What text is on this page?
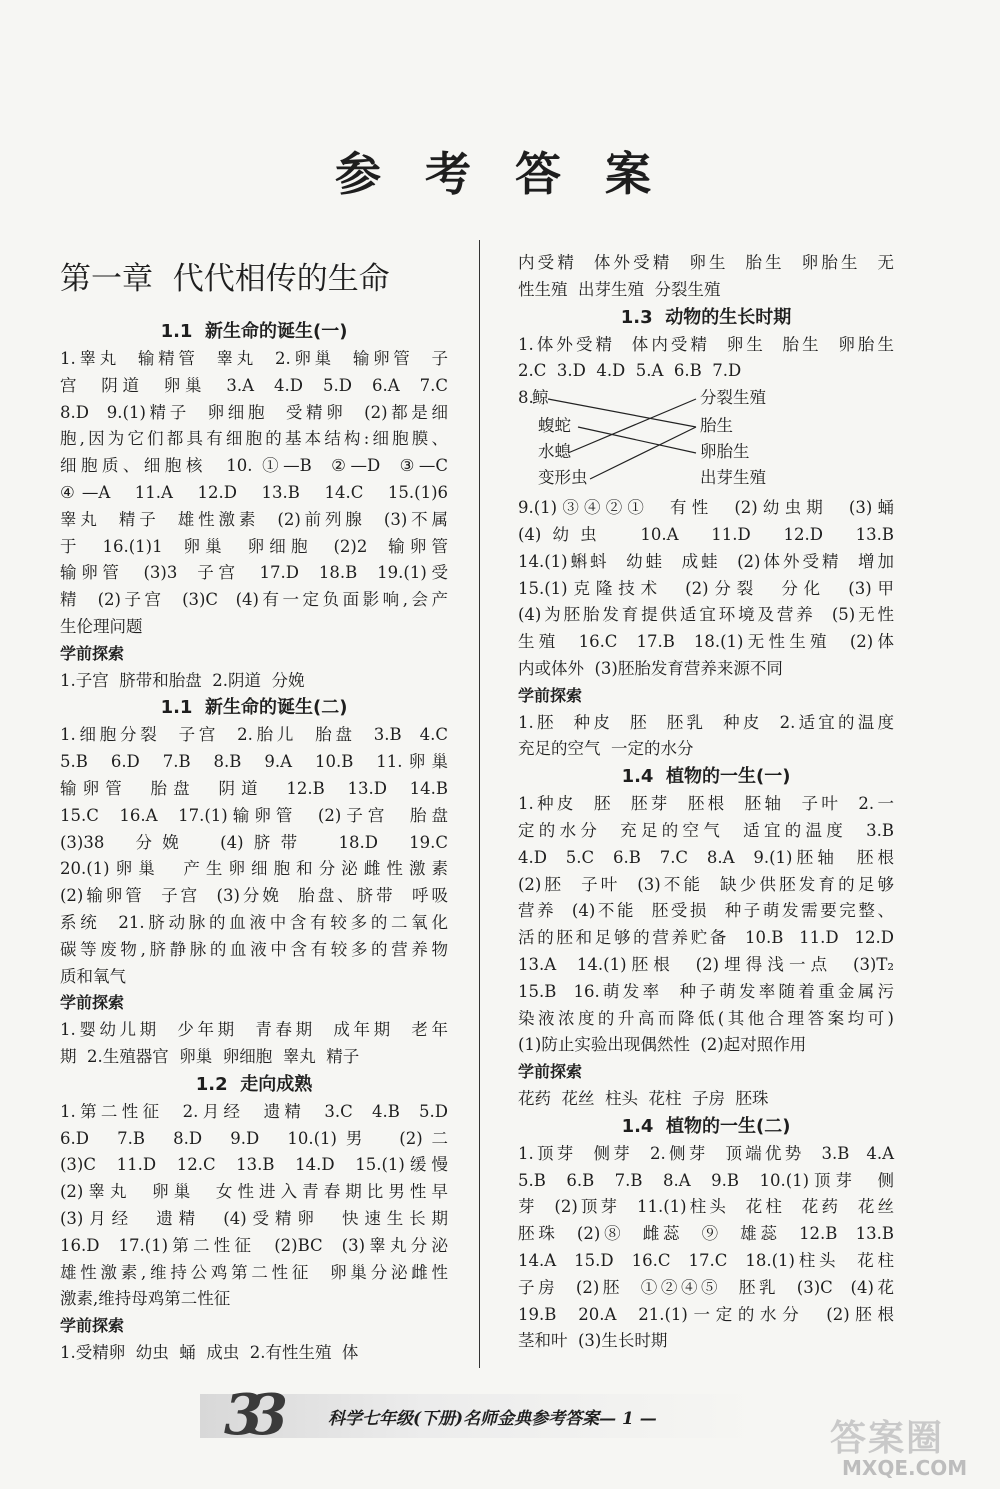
参 考 答 案
第一章  代代相传的生命
1.1  新生命的诞生(一)
1.睾丸  输精管  睾丸  2.卵巢  输卵管  子
宫  阴道  卵巢  3.A  4.D  5.D  6.A  7.C
8.D  9.(1)精子  卵细胞  受精卵  (2)都是细
胞,因为它们都具有细胞的基本结构:细胞膜、
细胞质、细胞核  10. ①—B  ②—D  ③—C
④—A  11.A  12.D  13.B  14.C  15.(1)6
睾丸  精子  雄性激素  (2)前列腺  (3)不属
于  16.(1)1  卵巢  卵细胞  (2)2  输卵管
输卵管  (3)3  子宫  17.D  18.B  19.(1)受
精  (2)子宫  (3)C  (4)有一定负面影响,会产
生伦理问题
学前探索
1.子宫  脐带和胎盘  2.阴道  分娩
1.1  新生命的诞生(二)
1.细胞分裂  子宫  2.胎儿  胎盘  3.B  4.C
5.B  6.D  7.B  8.B  9.A  10.B  11.卵巢
输卵管  胎盘  阴道  12.B  13.D  14.B
15.C  16.A  17.(1)输卵管  (2)子宫  胎盘
(3)38  分娩  (4)脐带  18.D  19.C
20.(1)卵巢  产生卵细胞和分泌雌性激素
(2)输卵管  子宫  (3)分娩  胎盘、脐带  呼吸
系统  21.脐动脉的血液中含有较多的二氧化
碳等废物,脐静脉的血液中含有较多的营养物
质和氧气
学前探索
1.婴幼儿期  少年期  青春期  成年期  老年
期  2.生殖器官  卵巢  卵细胞  睾丸  精子
1.2  走向成熟
1.第二性征  2.月经  遗精  3.C  4.B  5.D
6.D  7.B  8.D  9.D  10.(1)男  (2)二
(3)C  11.D  12.C  13.B  14.D  15.(1)缓慢
(2)睾丸  卵巢  女性进入青春期比男性早
(3)月经  遗精  (4)受精卵  快速生长期
16.D  17.(1)第二性征  (2)BC  (3)睾丸分泌
雄性激素,维持公鸡第二性征  卵巢分泌雌性
激素,维持母鸡第二性征
学前探索
1.受精卵  幼虫  蛹  成虫  2.有性生殖  体
内受精  体外受精  卵生  胎生  卵胎生  无
性生殖  出芽生殖  分裂生殖
1.3  动物的生长时期
1.体外受精  体内受精  卵生  胎生  卵胎生
2.C  3.D  4.D  5.A  6.B  7.D
8.
鲸
蝮蛇
水螅
变形虫
分裂生殖
胎生
卵胎生
出芽生殖
9.(1)③④②①  有性  (2)幼虫期  (3)蛹
(4)幼虫  10.A  11.D  12.D  13.B
14.(1)蝌蚪  幼蛙  成蛙  (2)体外受精  增加
15.(1)克隆技术  (2)分裂  分化  (3)甲
(4)为胚胎发育提供适宜环境及营养  (5)无性
生殖  16.C  17.B  18.(1)无性生殖  (2)体
内或体外  (3)胚胎发育营养来源不同
学前探索
1.胚  种皮  胚  胚乳  种皮  2.适宜的温度
充足的空气  一定的水分
1.4  植物的一生(一)
1.种皮  胚  胚芽  胚根  胚轴  子叶  2.一
定的水分  充足的空气  适宜的温度  3.B
4.D  5.C  6.B  7.C  8.A  9.(1)胚轴  胚根
(2)胚  子叶  (3)不能  缺少供胚发育的足够
营养  (4)不能  胚受损  种子萌发需要完整、
活的胚和足够的营养贮备  10.B  11.D  12.D
13.A  14.(1)胚根  (2)埋得浅一点  (3)T₂
15.B  16.萌发率  种子萌发率随着重金属污
染液浓度的升高而降低(其他合理答案均可)
(1)防止实验出现偶然性  (2)起对照作用
学前探索
花药  花丝  柱头  花柱  子房  胚珠
1.4  植物的一生(二)
1.顶芽  侧芽  2.侧芽  顶端优势  3.B  4.A
5.B  6.B  7.B  8.A  9.B  10.(1)顶芽  侧
芽  (2)顶芽  11.(1)柱头  花柱  花药  花丝
胚珠  (2)⑧  雌蕊  ⑨  雄蕊  12.B  13.B
14.A  15.D  16.C  17.C  18.(1)柱头  花柱
子房  (2)胚  ①②④⑤  胚乳  (3)C  (4)花
19.B  20.A  21.(1)一定的水分  (2)胚根
茎和叶  (3)生长时期
33	科学七年级(下册)名师金典参考答案— 1 —	答案圈
MXQE.COM
